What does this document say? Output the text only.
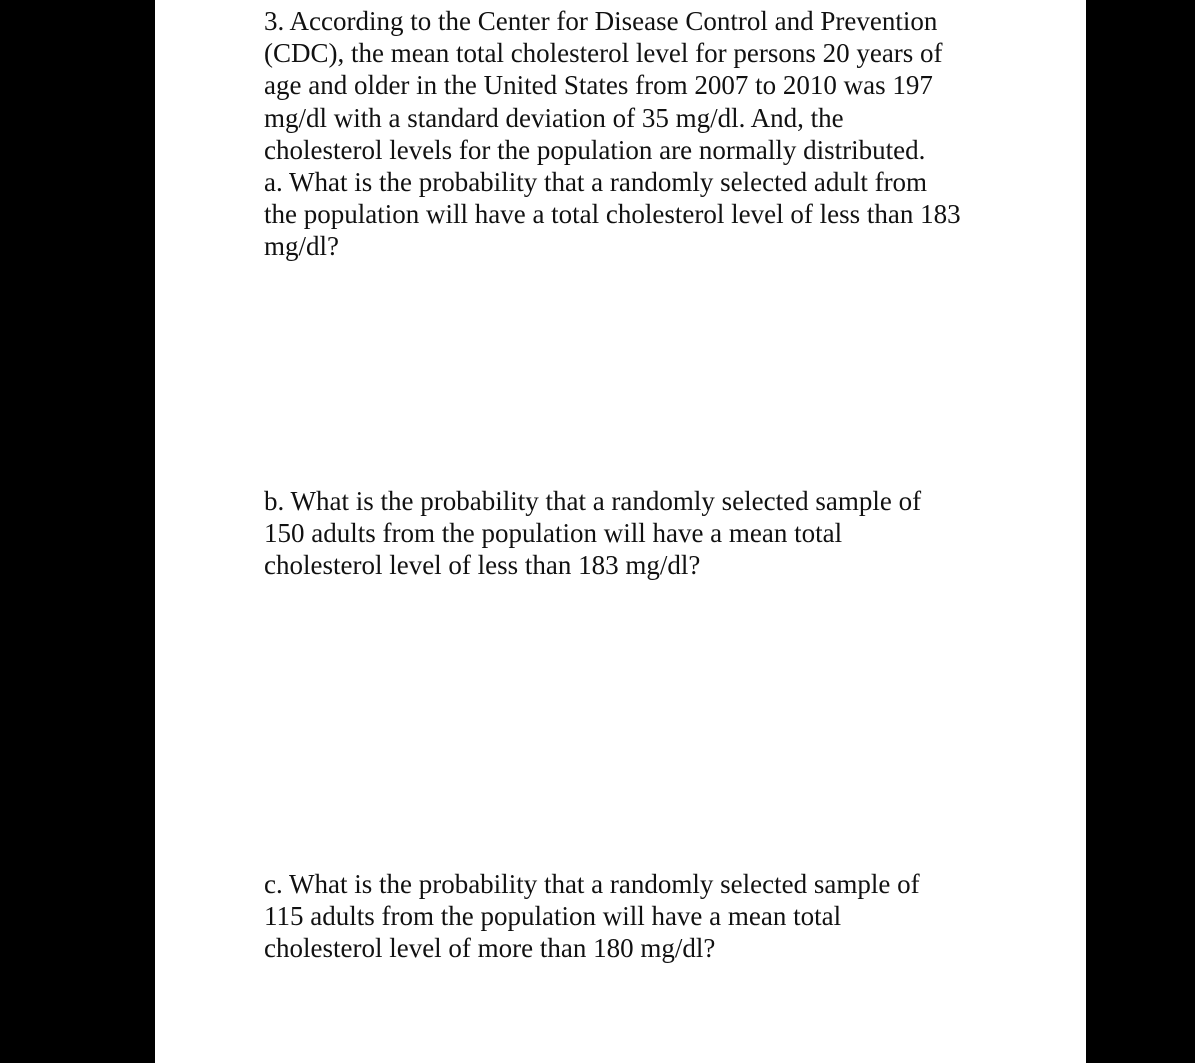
3. According to the Center for Disease Control and Prevention
(CDC), the mean total cholesterol level for persons 20 years of
age and older in the United States from 2007 to 2010 was 197
mg/dl with a standard deviation of 35 mg/dl. And, the
cholesterol levels for the population are normally distributed.
a. What is the probability that a randomly selected adult from
the population will have a total cholesterol level of less than 183
mg/dl?
b. What is the probability that a randomly selected sample of
150 adults from the population will have a mean total
cholesterol level of less than 183 mg/dl?
c. What is the probability that a randomly selected sample of
115 adults from the population will have a mean total
cholesterol level of more than 180 mg/dl?
